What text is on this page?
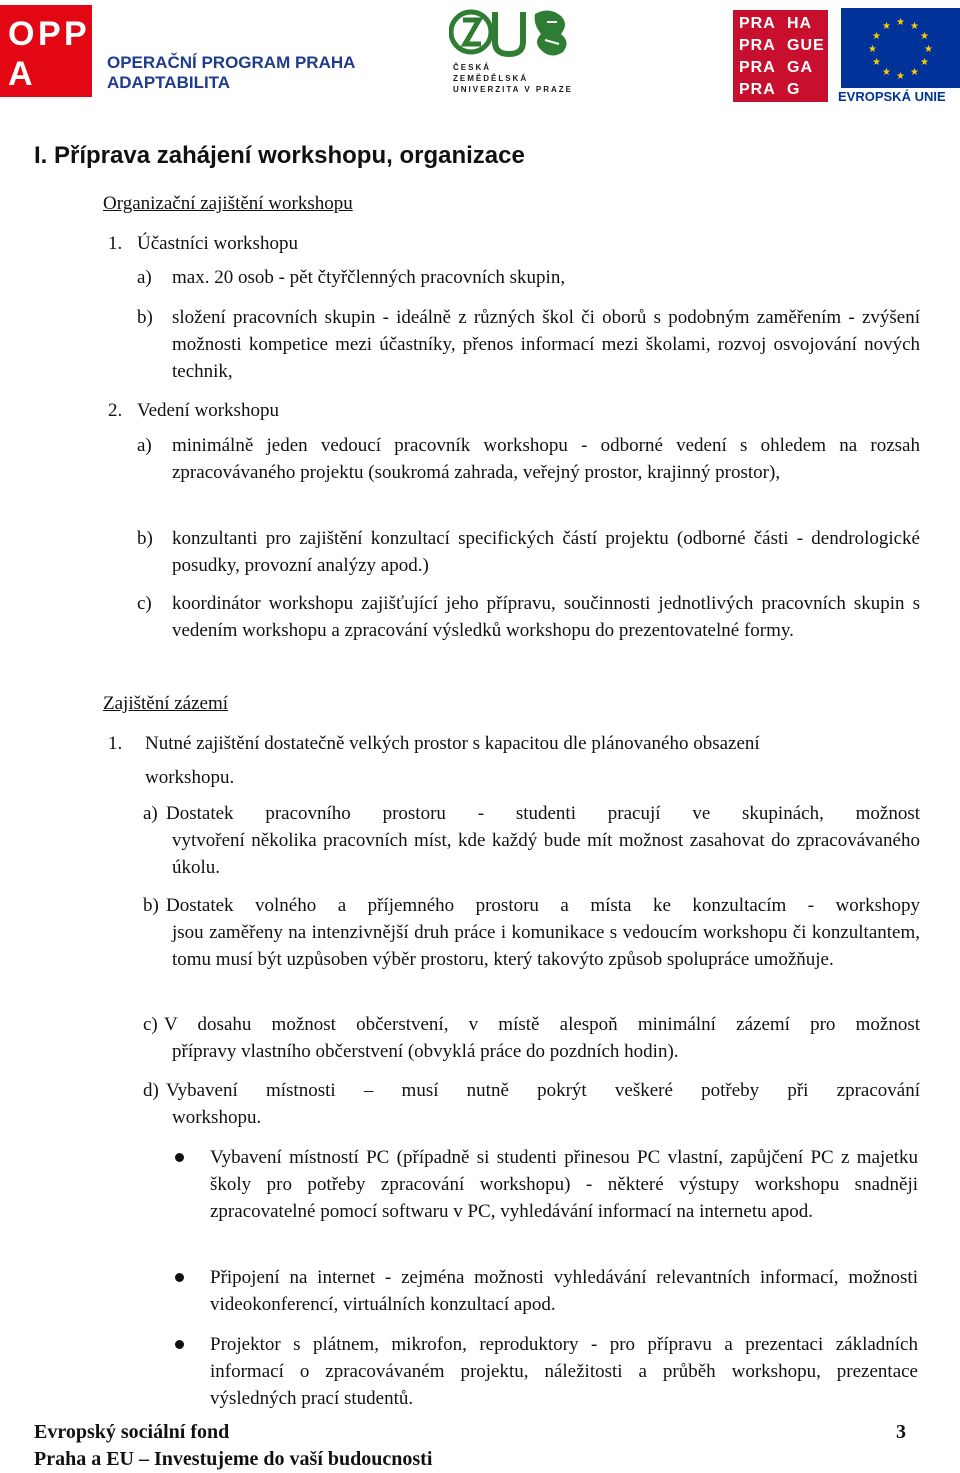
O
P
P
A	OPERAČNÍ PROGRAM PRAHA
ADAPTABILITA
ČESKÁ
ZEMĚDĚLSKÁ
UNIVERZITA V PRAZE
PRA HA
PRA GUE
PRA GA
PRA G
★ ★
★
★
★
★
★
★
★
★
★
★
EVROPSKÁ UNIE
I. Příprava zahájení workshopu, organizace
Organizační zajištění workshopu
1. Účastníci workshopu
a) max. 20 osob - pět čtyřčlenných pracovních skupin,
b) složení pracovních skupin - ideálně z různých škol či oborů s podobným zaměřením - zvýšení možnosti kompetice mezi účastníky, přenos informací mezi školami, rozvoj osvojování nových technik,
2. Vedení workshopu
a) minimálně jeden vedoucí pracovník workshopu - odborné vedení s ohledem na rozsah zpracovávaného projektu (soukromá zahrada, veřejný prostor, krajinný prostor),
b) konzultanti pro zajištění konzultací specifických částí projektu (odborné části - dendrologické posudky, provozní analýzy apod.)
c) koordinátor workshopu zajišťující jeho přípravu, součinnosti jednotlivých pracovních skupin s vedením workshopu a zpracování výsledků workshopu do prezentovatelné formy.
Zajištění zázemí
1. Nutné zajištění dostatečně velkých prostor s kapacitou dle plánovaného obsazení
workshopu.
a) Dostatek pracovního prostoru - studenti pracují ve skupinách, možnost
vytvoření několika pracovních míst, kde každý bude mít možnost zasahovat do zpracovávaného úkolu.
b) Dostatek volného a příjemného prostoru a místa ke konzultacím - workshopy
jsou zaměřeny na intenzivnější druh práce i komunikace s vedoucím workshopu či konzultantem, tomu musí být uzpůsoben výběr prostoru, který takovýto způsob spolupráce umožňuje.
c) V dosahu možnost občerstvení, v místě alespoň minimální zázemí pro možnost
přípravy vlastního občerstvení (obvyklá práce do pozdních hodin).
d) Vybavení místnosti – musí nutně pokrýt veškeré potřeby při zpracování
workshopu.
Vybavení místností PC (případně si studenti přinesou PC vlastní, zapůjčení PC z majetku školy pro potřeby zpracování workshopu) - některé výstupy workshopu snadněji zpracovatelné pomocí softwaru v PC, vyhledávání informací na internetu apod.
Připojení na internet - zejména možnosti vyhledávání relevantních informací, možnosti videokonferencí, virtuálních konzultací apod.
Projektor s plátnem, mikrofon, reproduktory - pro přípravu a prezentaci základních informací o zpracovávaném projektu, náležitosti a průběh workshopu, prezentace výsledných prací studentů.
Evropský sociální fond
Praha a EU – Investujeme do vaší budoucnosti
3
